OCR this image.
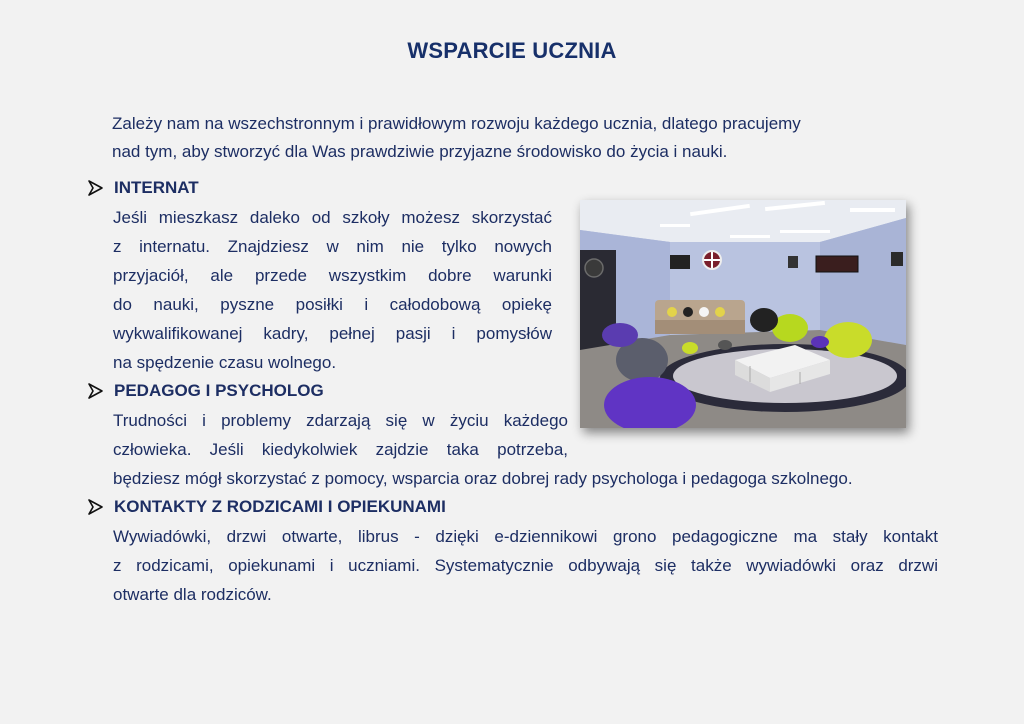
WSPARCIE UCZNIA
Zależy nam na wszechstronnym i prawidłowym rozwoju każdego ucznia, dlatego pracujemy
nad tym, aby stworzyć dla Was prawdziwie przyjazne środowisko do życia i nauki.
INTERNAT
Jeśli mieszkasz daleko od szkoły możesz skorzystać
z internatu. Znajdziesz w nim nie tylko nowych
przyjaciół, ale przede wszystkim dobre warunki
do nauki, pyszne posiłki i całodobową opiekę
wykwalifikowanej kadry, pełnej pasji i pomysłów
na spędzenie czasu wolnego.
PEDAGOG I PSYCHOLOG
Trudności i problemy zdarzają się w życiu każdego
człowieka. Jeśli kiedykolwiek zajdzie taka potrzeba,
będziesz mógł skorzystać z pomocy, wsparcia oraz dobrej rady psychologa i pedagoga szkolnego.
KONTAKTY Z RODZICAMI I OPIEKUNAMI
Wywiadówki, drzwi otwarte, librus - dzięki e-dziennikowi grono pedagogiczne ma stały kontakt
z rodzicami, opiekunami i uczniami. Systematycznie odbywają się także wywiadówki oraz drzwi
otwarte dla rodziców.
